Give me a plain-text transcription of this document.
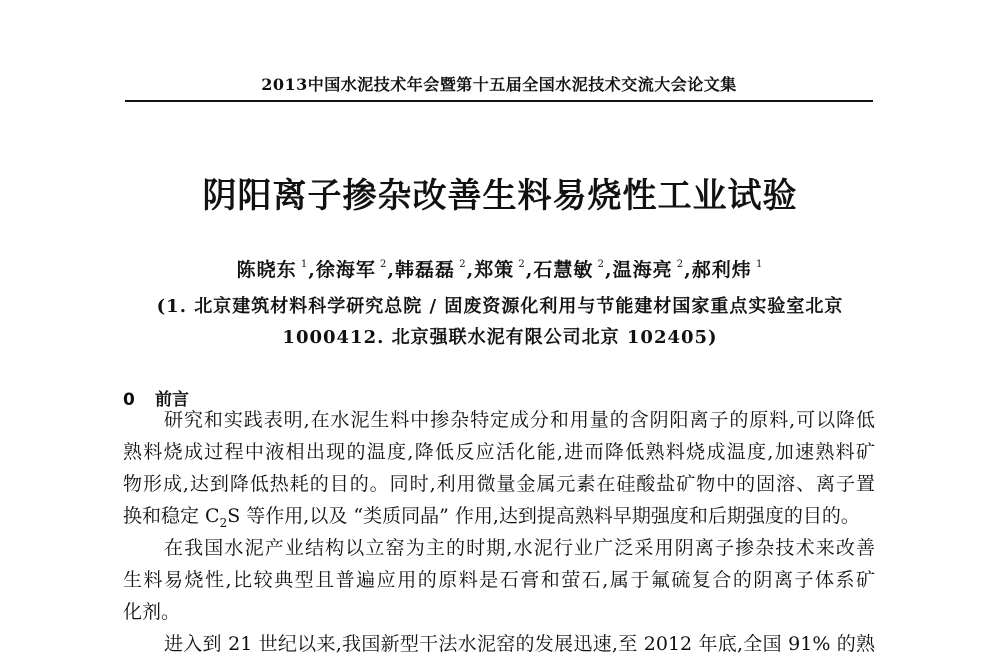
2013中国水泥技术年会暨第十五届全国水泥技术交流大会论文集
阴阳离子掺杂改善生料易烧性工业试验
陈晓东 $^1$,徐海军 $^2$,韩磊磊 $^2$,郑策 $^2$,石慧敏 $^2$,温海亮 $^2$,郝利炜 $^1$
(1. 北京建筑材料科学研究总院 / 固废资源化利用与节能建材国家重点实验室北京
1000412. 北京强联水泥有限公司北京 102405)
0 前言
研究和实践表明,在水泥生料中掺杂特定成分和用量的含阴阳离子的原料,可以降低
熟料烧成过程中液相出现的温度,降低反应活化能,进而降低熟料烧成温度,加速熟料矿
物形成,达到降低热耗的目的。同时,利用微量金属元素在硅酸盐矿物中的固溶、离子置
换和稳定 $C_2S$ 等作用,以及 “类质同晶” 作用,达到提高熟料早期强度和后期强度的目的。
在我国水泥产业结构以立窑为主的时期,水泥行业广泛采用阴离子掺杂技术来改善
生料易烧性,比较典型且普遍应用的原料是石膏和萤石,属于氟硫复合的阴离子体系矿
化剂。
进入到 21 世纪以来,我国新型干法水泥窑的发展迅速,至 2012 年底,全国 91% 的熟
